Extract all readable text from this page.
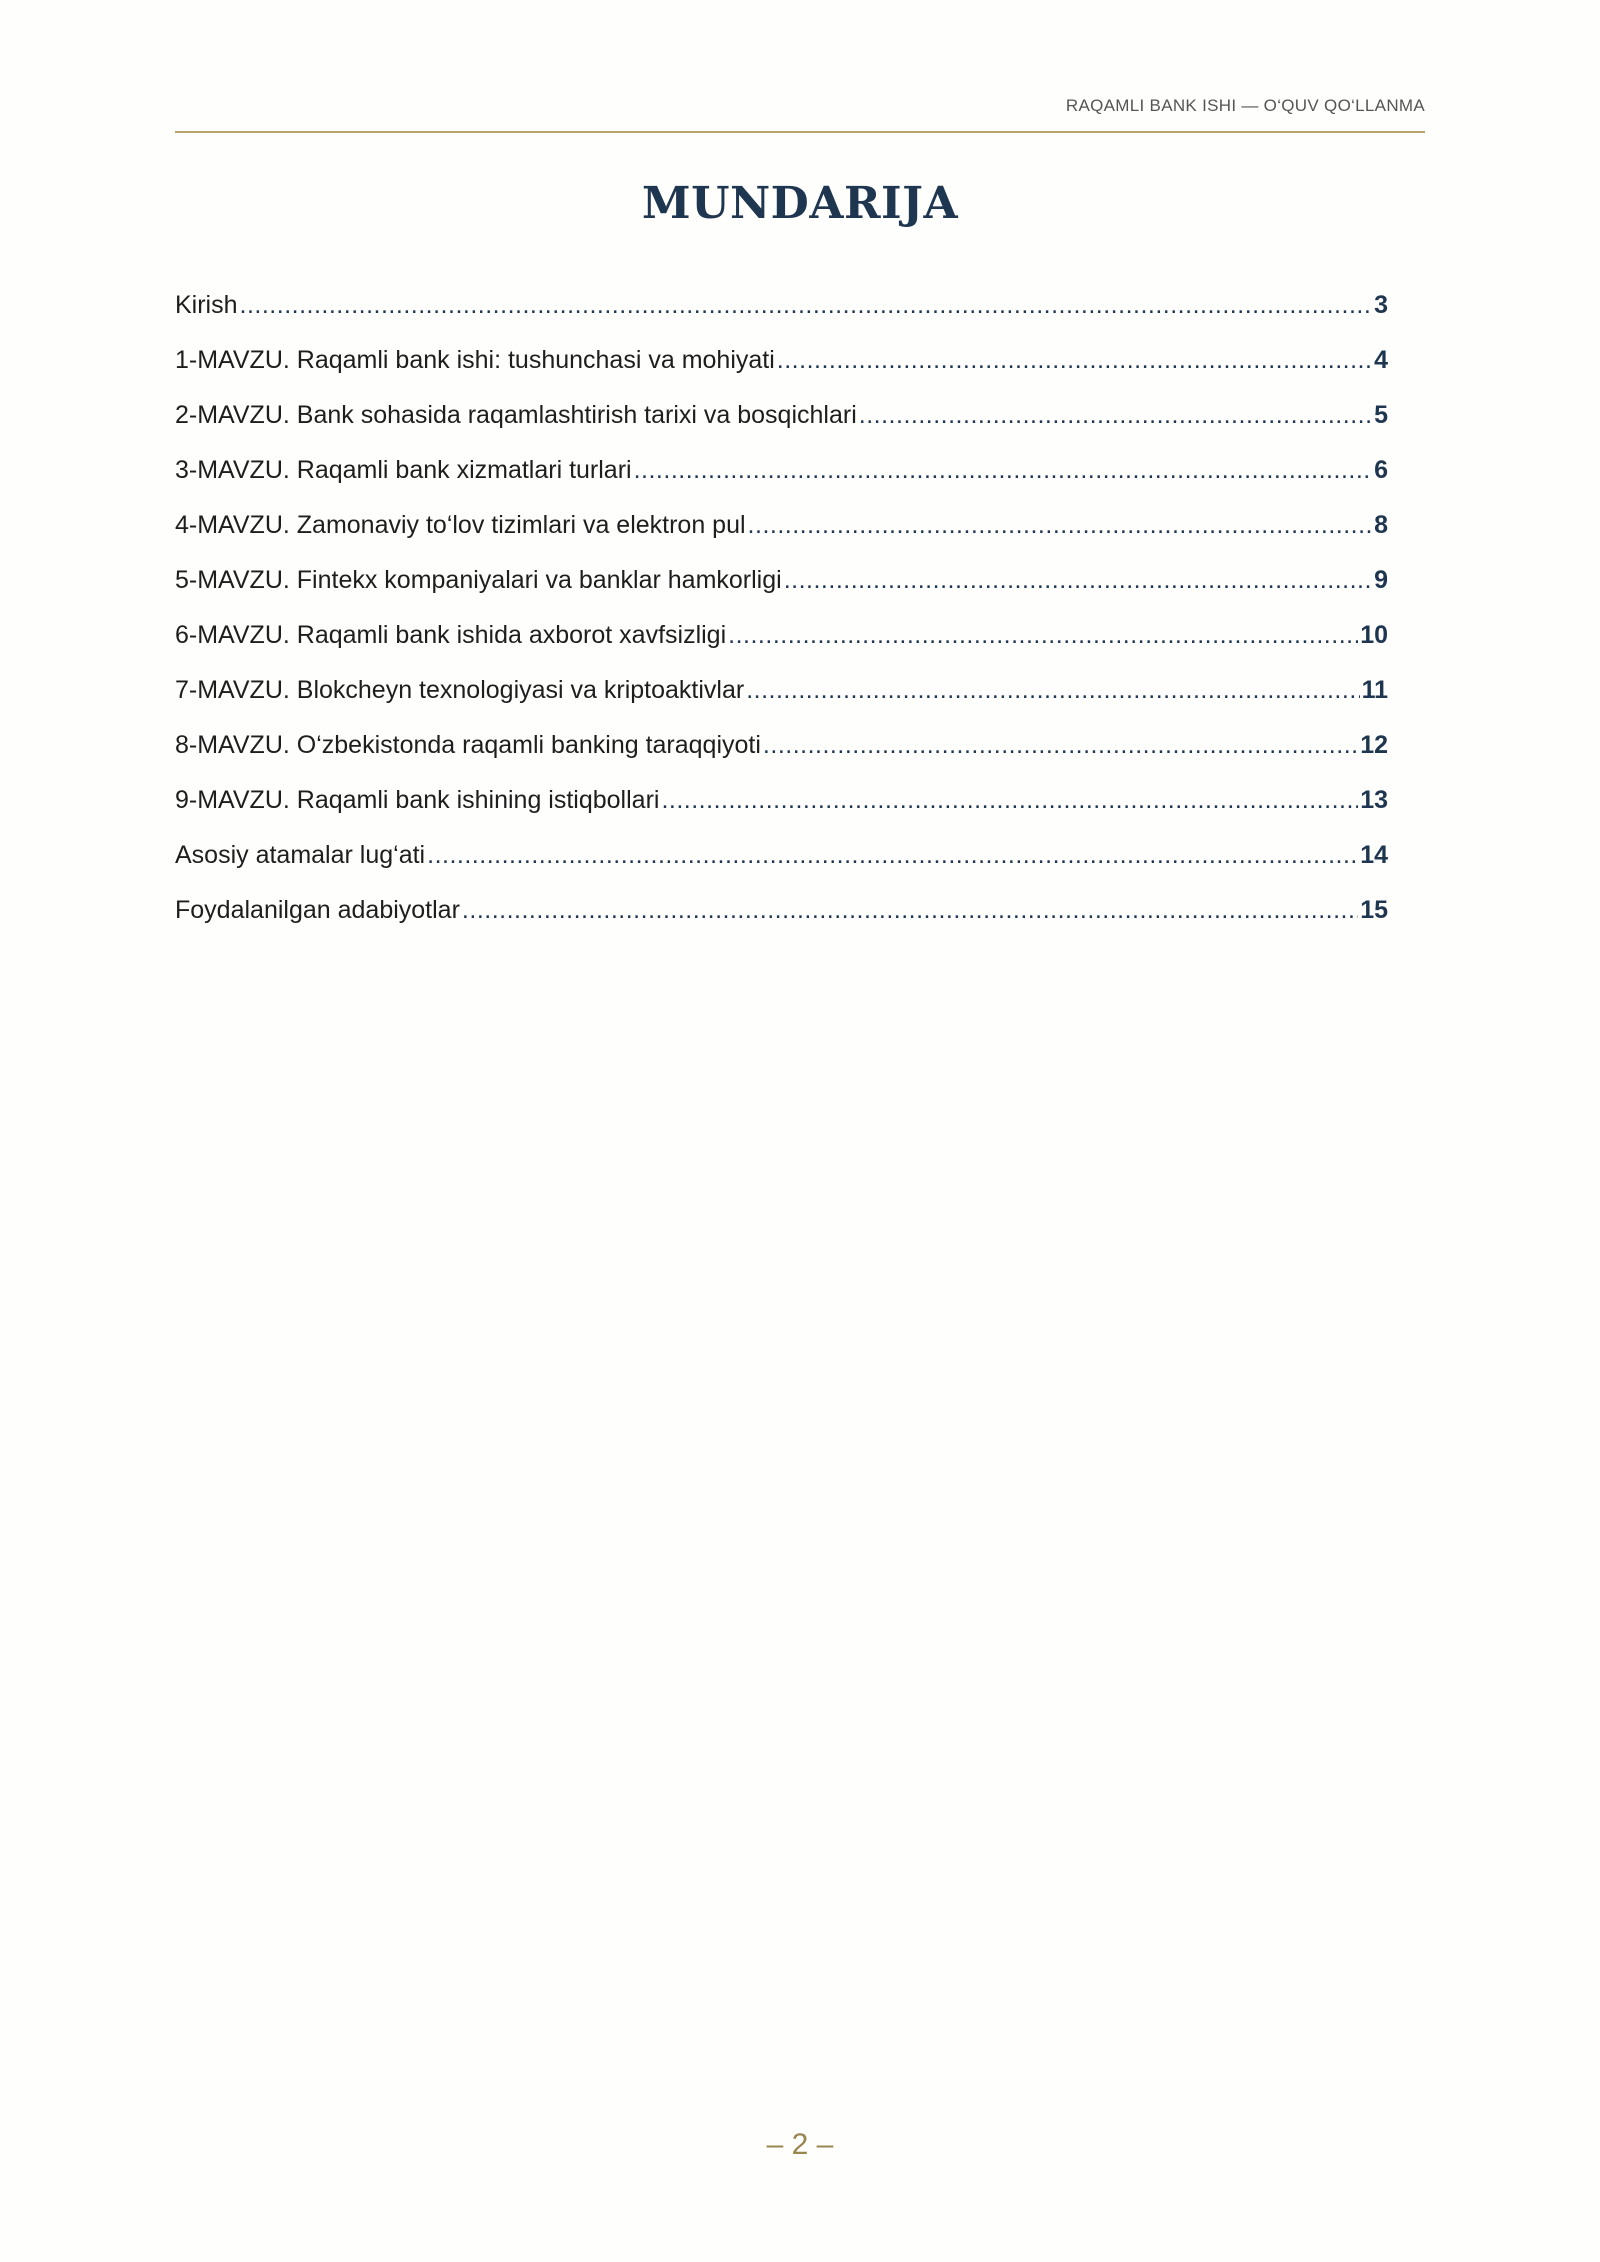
RAQAMLI BANK ISHI — O‘QUV QO‘LLANMA
MUNDARIJA
Kirish .....	3
1-MAVZU. Raqamli bank ishi: tushunchasi va mohiyati .....	4
2-MAVZU. Bank sohasida raqamlashtirish tarixi va bosqichlari .....	5
3-MAVZU. Raqamli bank xizmatlari turlari .....	6
4-MAVZU. Zamonaviy to‘lov tizimlari va elektron pul .....	8
5-MAVZU. Fintekx kompaniyalari va banklar hamkorligi .....	9
6-MAVZU. Raqamli bank ishida axborot xavfsizligi .....	10
7-MAVZU. Blokcheyn texnologiyasi va kriptoaktivlar .....	11
8-MAVZU. O‘zbekistonda raqamli banking taraqqiyoti .....	12
9-MAVZU. Raqamli bank ishining istiqbollari .....	13
Asosiy atamalar lug‘ati .....	14
Foydalanilgan adabiyotlar .....	15
– 2 –
